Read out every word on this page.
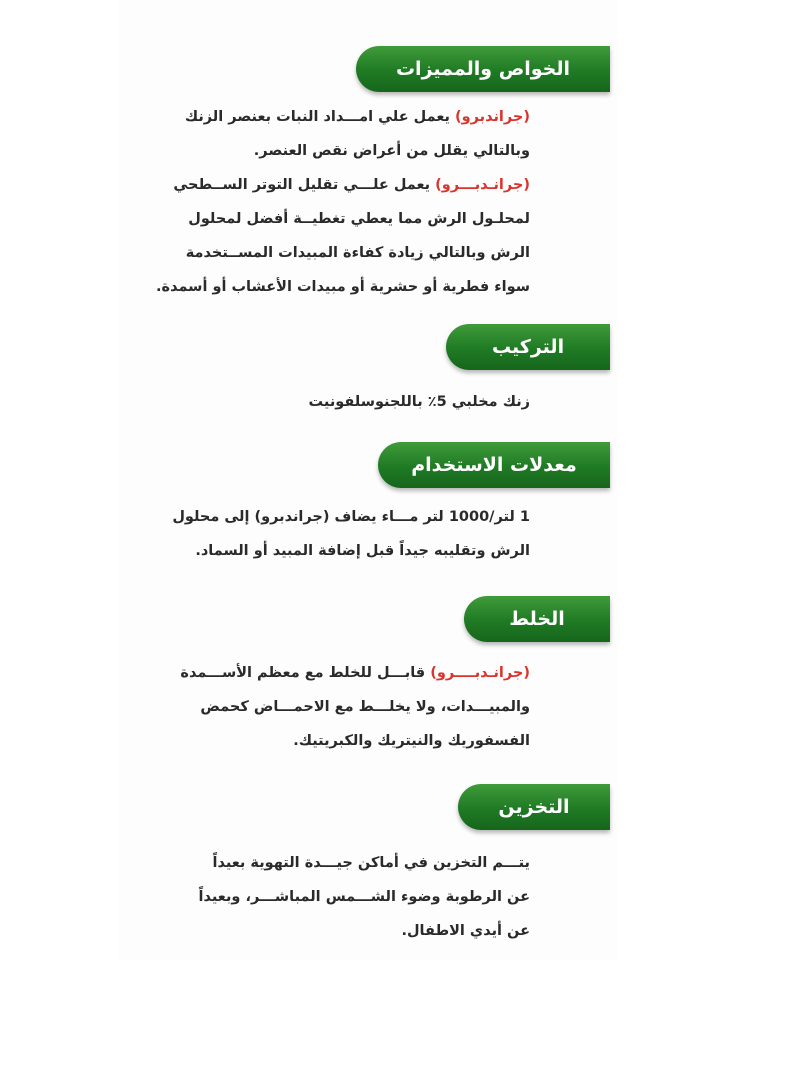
الخواص والمميزات
(جراندبرو) يعمل علي امـــداد النبات بعنصر الزنك
وبالتالي يقلل من أعراض نقص العنصر.
(جرانـدبـــرو) يعمل علـــي تقليل التوتر الســطحي
لمحلـول الرش مما يعطي تغطيــة أفضل لمحلول
الرش وبالتالي زيادة كفاءة المبيدات المســتخدمة
سواء فطرية أو حشرية أو مبيدات الأعشاب أو أسمدة.
التركيب
زنك مخلبي 5٪ باللجنوسلفونيت
معدلات الاستخدام
1 لتر/1000 لتر مـــاء يضاف (جراندبرو) إلى محلول
الرش وتقليبه جيداً قبل إضافة المبيد أو السماد.
الخلط
(جرانـدبــــرو) قابـــل للخلط مع معظم الأســـمدة
والمبيـــدات، ولا يخلـــط مع الاحمـــاض كحمض
الفسفوريك والنيتريك والكبريتيك.
التخزين
يتـــم التخزين في أماكن جيـــدة التهوية بعيداً
عن الرطوبة وضوء الشـــمس المباشـــر، وبعيداً
عن أيدي الاطفال.
